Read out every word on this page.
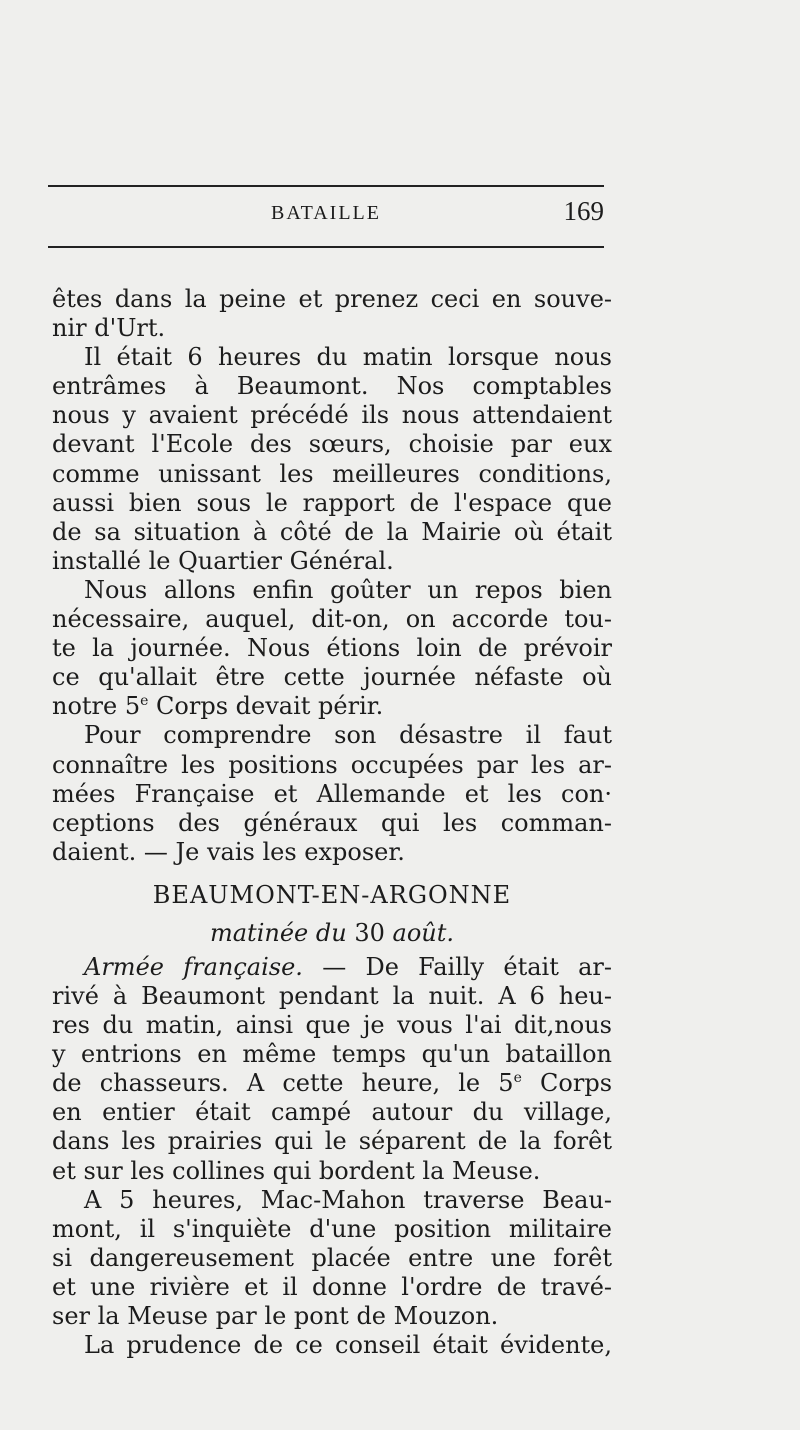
BATAILLE	169
êtes dans la peine et prenez ceci en souve-
nir d'Urt.
Il était 6 heures du matin lorsque nous
entrâmes à Beaumont. Nos comptables
nous y avaient précédé ils nous attendaient
devant l'Ecole des sœurs, choisie par eux
comme unissant les meilleures conditions,
aussi bien sous le rapport de l'espace que
de sa situation à côté de la Mairie où était
installé le Quartier Général.
Nous allons enfin goûter un repos bien
nécessaire, auquel, dit-on, on accorde tou-
te la journée. Nous étions loin de prévoir
ce qu'allait être cette journée néfaste où
notre 5e Corps devait périr.
Pour comprendre son désastre il faut
connaître les positions occupées par les ar-
mées Française et Allemande et les con·
ceptions des généraux qui les comman-
daient. — Je vais les exposer.
BEAUMONT-EN-ARGONNE
matinée du 30 août.
Armée française. — De Failly était ar-
rivé à Beaumont pendant la nuit. A 6 heu-
res du matin, ainsi que je vous l'ai dit,nous
y entrions en même temps qu'un bataillon
de chasseurs. A cette heure, le 5e Corps
en entier était campé autour du village,
dans les prairies qui le séparent de la forêt
et sur les collines qui bordent la Meuse.
A 5 heures, Mac-Mahon traverse Beau-
mont, il s'inquiète d'une position militaire
si dangereusement placée entre une forêt
et une rivière et il donne l'ordre de travé-
ser la Meuse par le pont de Mouzon.
La prudence de ce conseil était évidente,
